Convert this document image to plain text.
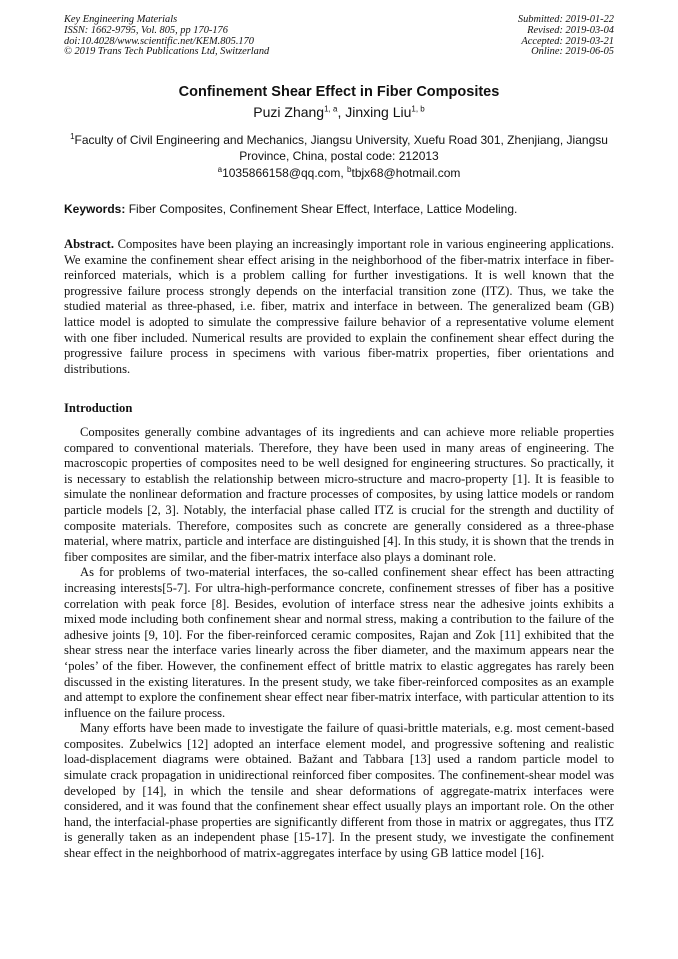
Key Engineering Materials
ISSN: 1662-9795, Vol. 805, pp 170-176
doi:10.4028/www.scientific.net/KEM.805.170
© 2019 Trans Tech Publications Ltd, Switzerland
Submitted: 2019-01-22
Revised: 2019-03-04
Accepted: 2019-03-21
Online: 2019-06-05
Confinement Shear Effect in Fiber Composites
Puzi Zhang$^{1, a}$, Jinxing Liu$^{1, b}$
$^1$Faculty of Civil Engineering and Mechanics, Jiangsu University, Xuefu Road 301, Zhenjiang, Jiangsu Province, China, postal code: 212013
$^a$1035866158@qq.com, $^b$tbjx68@hotmail.com
Keywords: Fiber Composites, Confinement Shear Effect, Interface, Lattice Modeling.

Abstract. Composites have been playing an increasingly important role in various engineering applications. We examine the confinement shear effect arising in the neighborhood of the fiber-matrix interface in fiber-reinforced materials, which is a problem calling for further investigations. It is well known that the progressive failure process strongly depends on the interfacial transition zone (ITZ). Thus, we take the studied material as three-phased, i.e. fiber, matrix and interface in between. The generalized beam (GB) lattice model is adopted to simulate the compressive failure behavior of a representative volume element with one fiber included. Numerical results are provided to explain the confinement shear effect during the progressive failure process in specimens with various fiber-matrix properties, fiber orientations and distributions.

Introduction

Composites generally combine advantages of its ingredients and can achieve more reliable properties compared to conventional materials. Therefore, they have been used in many areas of engineering. The macroscopic properties of composites need to be well designed for engineering structures. So practically, it is necessary to establish the relationship between micro-structure and macro-property [1]. It is feasible to simulate the nonlinear deformation and fracture processes of composites, by using lattice models or random particle models [2, 3]. Notably, the interfacial phase called ITZ is crucial for the strength and ductility of composite materials. Therefore, composites such as concrete are generally considered as a three-phase material, where matrix, particle and interface are distinguished [4]. In this study, it is shown that the trends in fiber composites are similar, and the fiber-matrix interface also plays a dominant role.

As for problems of two-material interfaces, the so-called confinement shear effect has been attracting increasing interests[5-7]. For ultra-high-performance concrete, confinement stresses of fiber has a positive correlation with peak force [8]. Besides, evolution of interface stress near the adhesive joints exhibits a mixed mode including both confinement shear and normal stress, making a contribution to the failure of the adhesive joints [9, 10]. For the fiber-reinforced ceramic composites, Rajan and Zok [11] exhibited that the shear stress near the interface varies linearly across the fiber diameter, and the maximum appears near the ‘poles’ of the fiber. However, the confinement effect of brittle matrix to elastic aggregates has rarely been discussed in the existing literatures. In the present study, we take fiber-reinforced composites as an example and attempt to explore the confinement shear effect near fiber-matrix interface, with particular attention to its influence on the failure process.

Many efforts have been made to investigate the failure of quasi-brittle materials, e.g. most cement-based composites. Zubelwics [12] adopted an interface element model, and progressive softening and realistic load-displacement diagrams were obtained. Bažant and Tabbara [13] used a random particle model to simulate crack propagation in unidirectional reinforced fiber composites. The confinement-shear model was developed by [14], in which the tensile and shear deformations of aggregate-matrix interfaces were considered, and it was found that the confinement shear effect usually plays an important role. On the other hand, the interfacial-phase properties are significantly different from those in matrix or aggregates, thus ITZ is generally taken as an independent phase [15-17]. In the present study, we investigate the confinement shear effect in the neighborhood of matrix-aggregates interface by using GB lattice model [16].
